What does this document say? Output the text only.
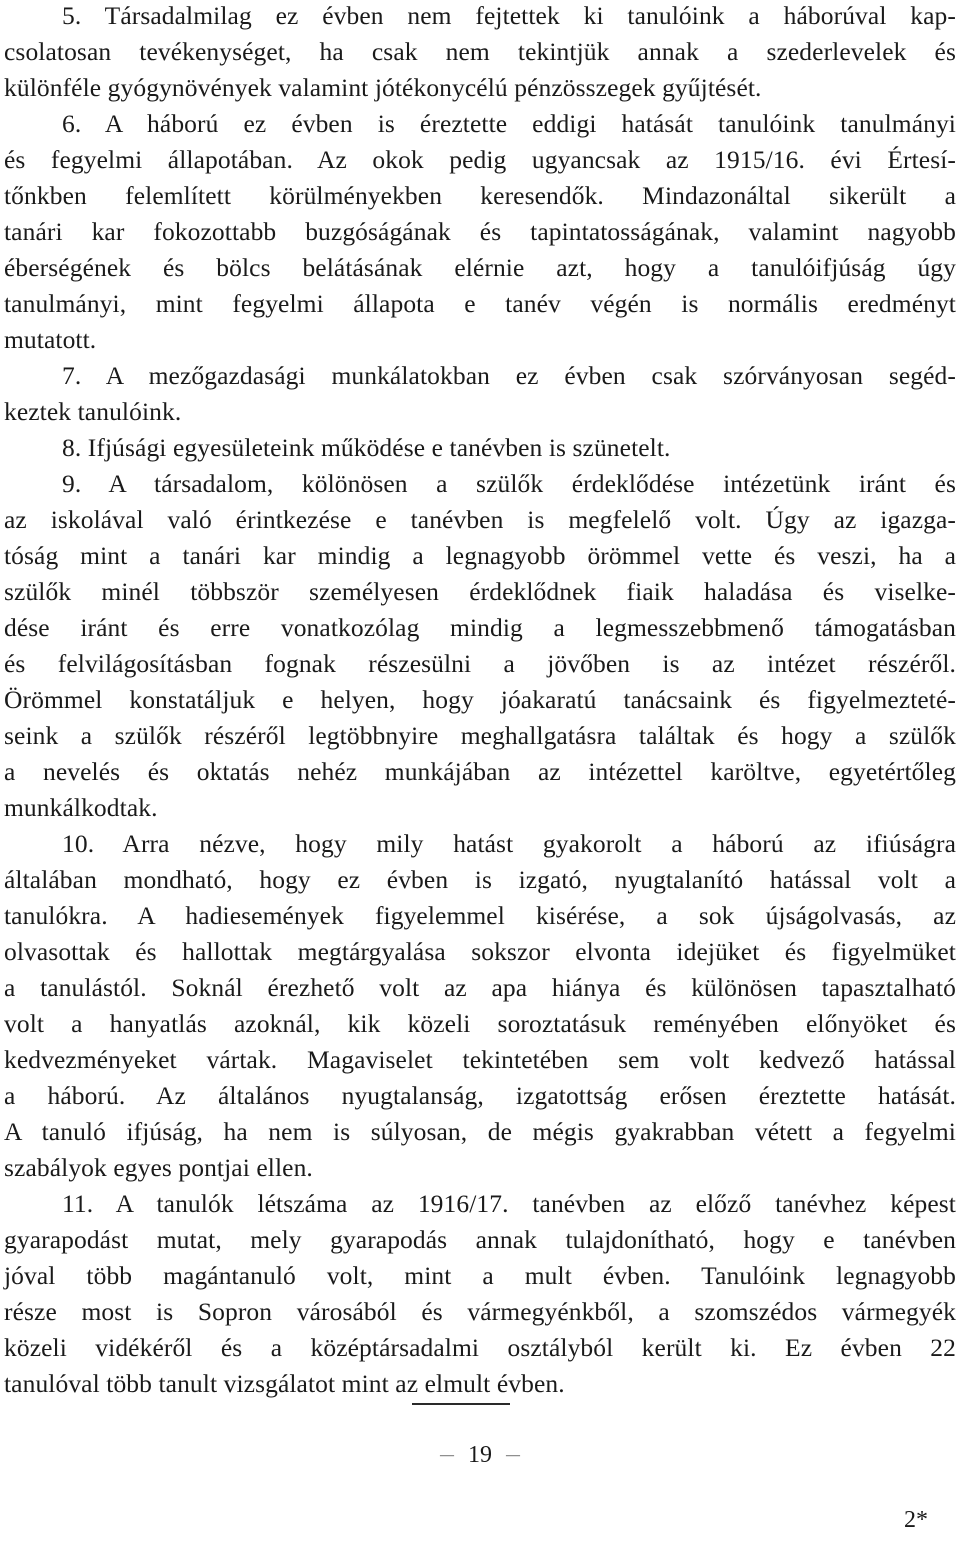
5. Társadalmilag ez évben nem fejtettek ki tanulóink a háborúval kap-
csolatosan tevékenységet, ha csak nem tekintjük annak a szederlevelek és
különféle gyógynövények valamint jótékonycélú pénzösszegek gyűjtését.
6. A háború ez évben is éreztette eddigi hatását tanulóink tanulmányi
és fegyelmi állapotában. Az okok pedig ugyancsak az 1915/16. évi Értesí-
tőnkben felemlített körülményekben keresendők. Mindazonáltal sikerült a
tanári kar fokozottabb buzgóságának és tapintatosságának, valamint nagyobb
éberségének és bölcs belátásának elérnie azt, hogy a tanulóifjúság úgy
tanulmányi, mint fegyelmi állapota e tanév végén is normális eredményt
mutatott.
7. A mezőgazdasági munkálatokban ez évben csak szórványosan segéd-
keztek tanulóink.
8. Ifjúsági egyesületeink működése e tanévben is szünetelt.
9. A társadalom, kölönösen a szülők érdeklődése intézetünk iránt és
az iskolával való érintkezése e tanévben is megfelelő volt. Úgy az igazga-
tóság mint a tanári kar mindig a legnagyobb örömmel vette és veszi, ha a
szülők minél többször személyesen érdeklődnek fiaik haladása és viselke-
dése iránt és erre vonatkozólag mindig a legmesszebbmenő támogatásban
és felvilágosításban fognak részesülni a jövőben is az intézet részéről.
Örömmel konstatáljuk e helyen, hogy jóakaratú tanácsaink és figyelmezteté-
seink a szülők részéről legtöbbnyire meghallgatásra találtak és hogy a szülők
a nevelés és oktatás nehéz munkájában az intézettel karöltve, egyetértőleg
munkálkodtak.
10. Arra nézve, hogy mily hatást gyakorolt a háború az ifiúságra
általában mondható, hogy ez évben is izgató, nyugtalanító hatással volt a
tanulókra. A hadiesemények figyelemmel kisérése, a sok újságolvasás, az
olvasottak és hallottak megtárgyalása sokszor elvonta idejüket és figyelmüket
a tanulástól. Soknál érezhető volt az apa hiánya és különösen tapasztalható
volt a hanyatlás azoknál, kik közeli soroztatásuk reményében előnyöket és
kedvezményeket vártak. Magaviselet tekintetében sem volt kedvező hatással
a háború. Az általános nyugtalanság, izgatottság erősen éreztette hatását.
A tanuló ifjúság, ha nem is súlyosan, de mégis gyakrabban vétett a fegyelmi
szabályok egyes pontjai ellen.
11. A tanulók létszáma az 1916/17. tanévben az előző tanévhez képest
gyarapodást mutat, mely gyarapodás annak tulajdonítható, hogy e tanévben
jóval több magántanuló volt, mint a mult évben. Tanulóink legnagyobb
része most is Sopron városából és vármegyénkből, a szomszédos vármegyék
közeli vidékéről és a középtársadalmi osztályból került ki. Ez évben 22
tanulóval több tanult vizsgálatot mint az elmult évben.
— 19 —
2*
